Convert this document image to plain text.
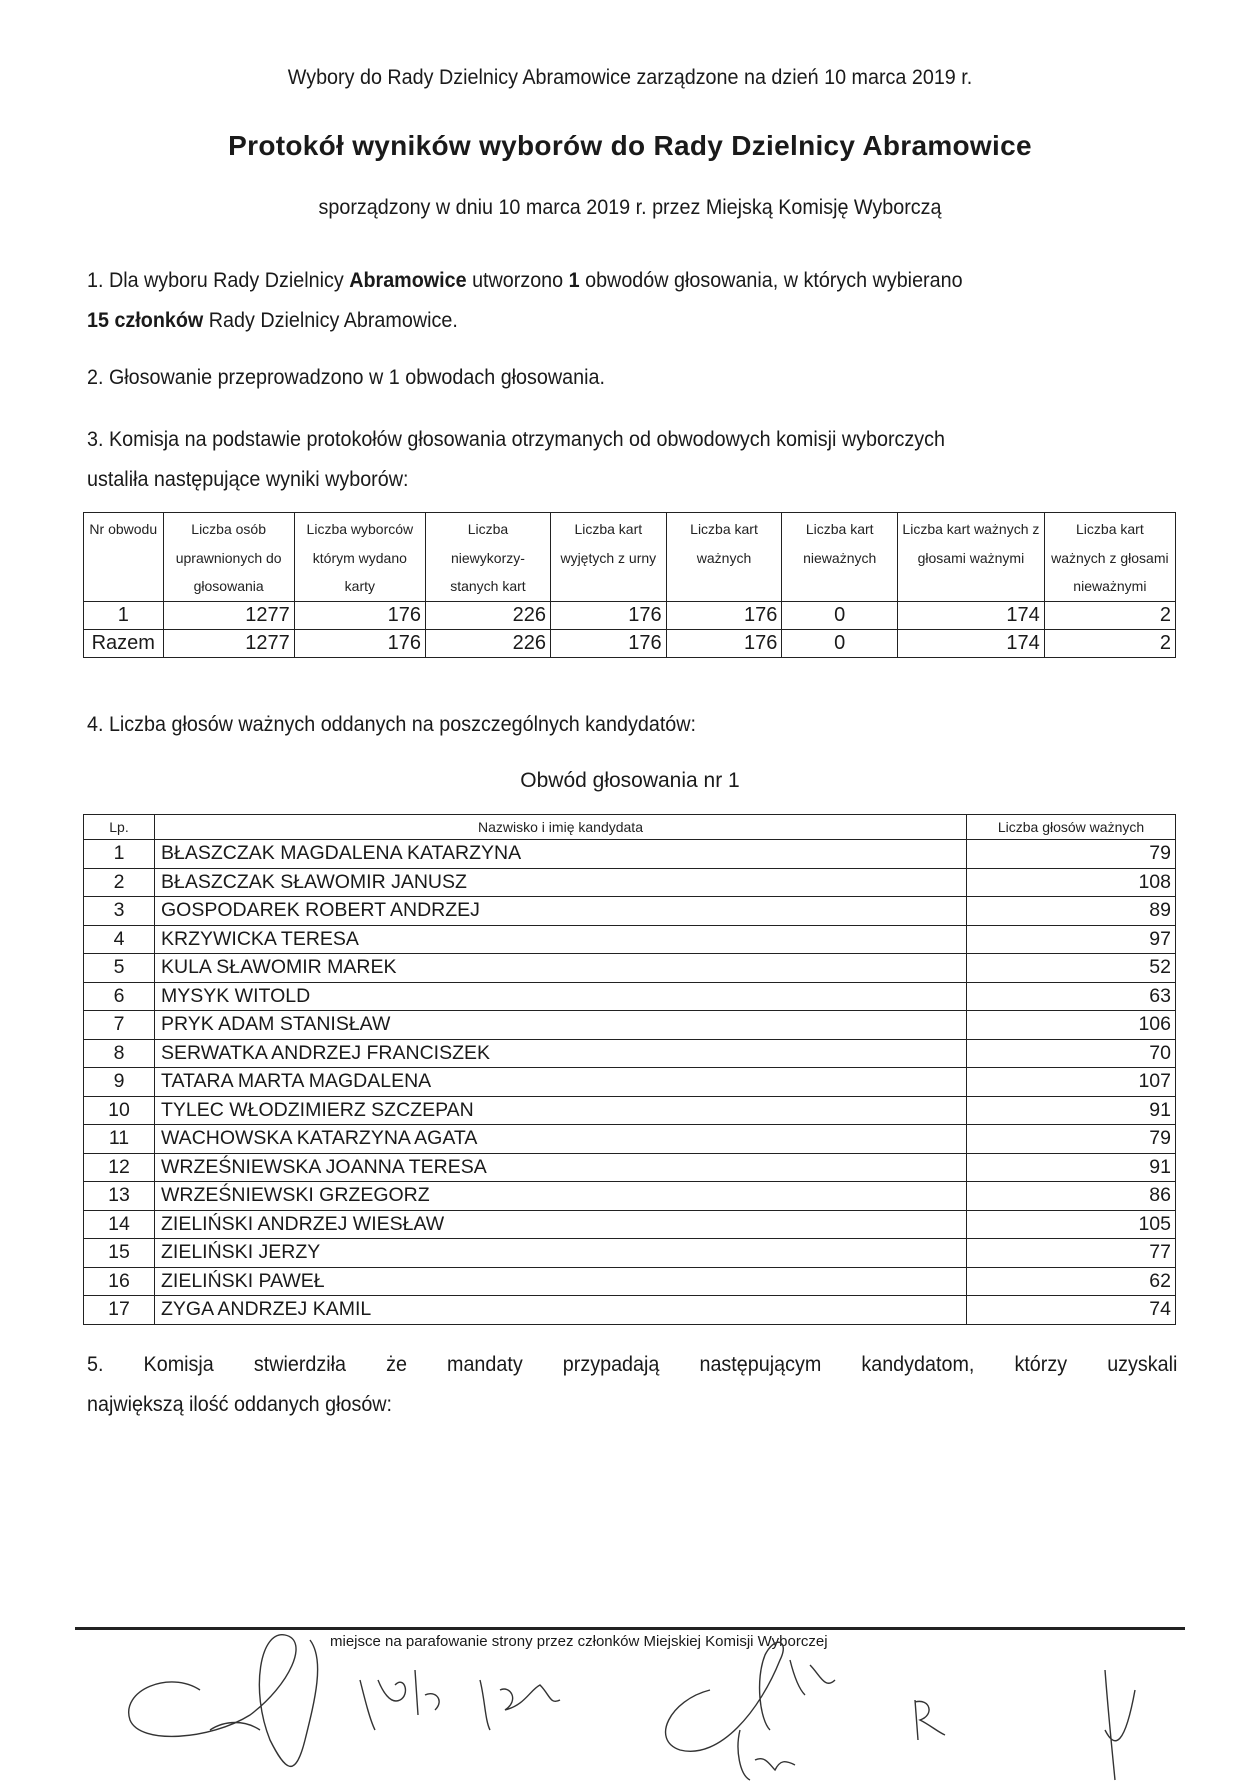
Wybory do Rady Dzielnicy Abramowice zarządzone na dzień 10 marca 2019 r.
Protokół wyników wyborów do Rady Dzielnicy Abramowice
sporządzony w dniu 10 marca 2019 r. przez Miejską Komisję Wyborczą
1. Dla wyboru Rady Dzielnicy Abramowice utworzono 1 obwodów głosowania, w których wybierano
15 członków Rady Dzielnicy Abramowice.
2. Głosowanie przeprowadzono w 1 obwodach głosowania.
3. Komisja na podstawie protokołów głosowania otrzymanych od obwodowych komisji wyborczych
ustaliła następujące wyniki wyborów:
Nr obwodu	Liczba osób uprawnionych do głosowania	Liczba wyborców którym wydano karty	Liczba niewykorzy- stanych kart	Liczba kart wyjętych z urny	Liczba kart ważnych	Liczba kart nieważnych	Liczba kart ważnych z głosami ważnymi	Liczba kart ważnych z głosami nieważnymi
1	1277	176	226	176	176	0	174	2
Razem	1277	176	226	176	176	0	174	2
4. Liczba głosów ważnych oddanych na poszczególnych kandydatów:
Obwód głosowania nr 1
Lp.	Nazwisko i imię kandydata	Liczba głosów ważnych
1	BŁASZCZAK MAGDALENA KATARZYNA	79
2	BŁASZCZAK SŁAWOMIR JANUSZ	108
3	GOSPODAREK ROBERT ANDRZEJ	89
4	KRZYWICKA TERESA	97
5	KULA SŁAWOMIR MAREK	52
6	MYSYK WITOLD	63
7	PRYK ADAM STANISŁAW	106
8	SERWATKA ANDRZEJ FRANCISZEK	70
9	TATARA MARTA MAGDALENA	107
10	TYLEC WŁODZIMIERZ SZCZEPAN	91
11	WACHOWSKA KATARZYNA AGATA	79
12	WRZEŚNIEWSKA JOANNA TERESA	91
13	WRZEŚNIEWSKI GRZEGORZ	86
14	ZIELIŃSKI ANDRZEJ WIESŁAW	105
15	ZIELIŃSKI JERZY	77
16	ZIELIŃSKI PAWEŁ	62
17	ZYGA ANDRZEJ KAMIL	74
5. Komisja stwierdziła że mandaty przypadają następującym kandydatom, którzy uzyskali
największą ilość oddanych głosów:
miejsce na parafowanie strony przez członków Miejskiej Komisji Wyborczej
